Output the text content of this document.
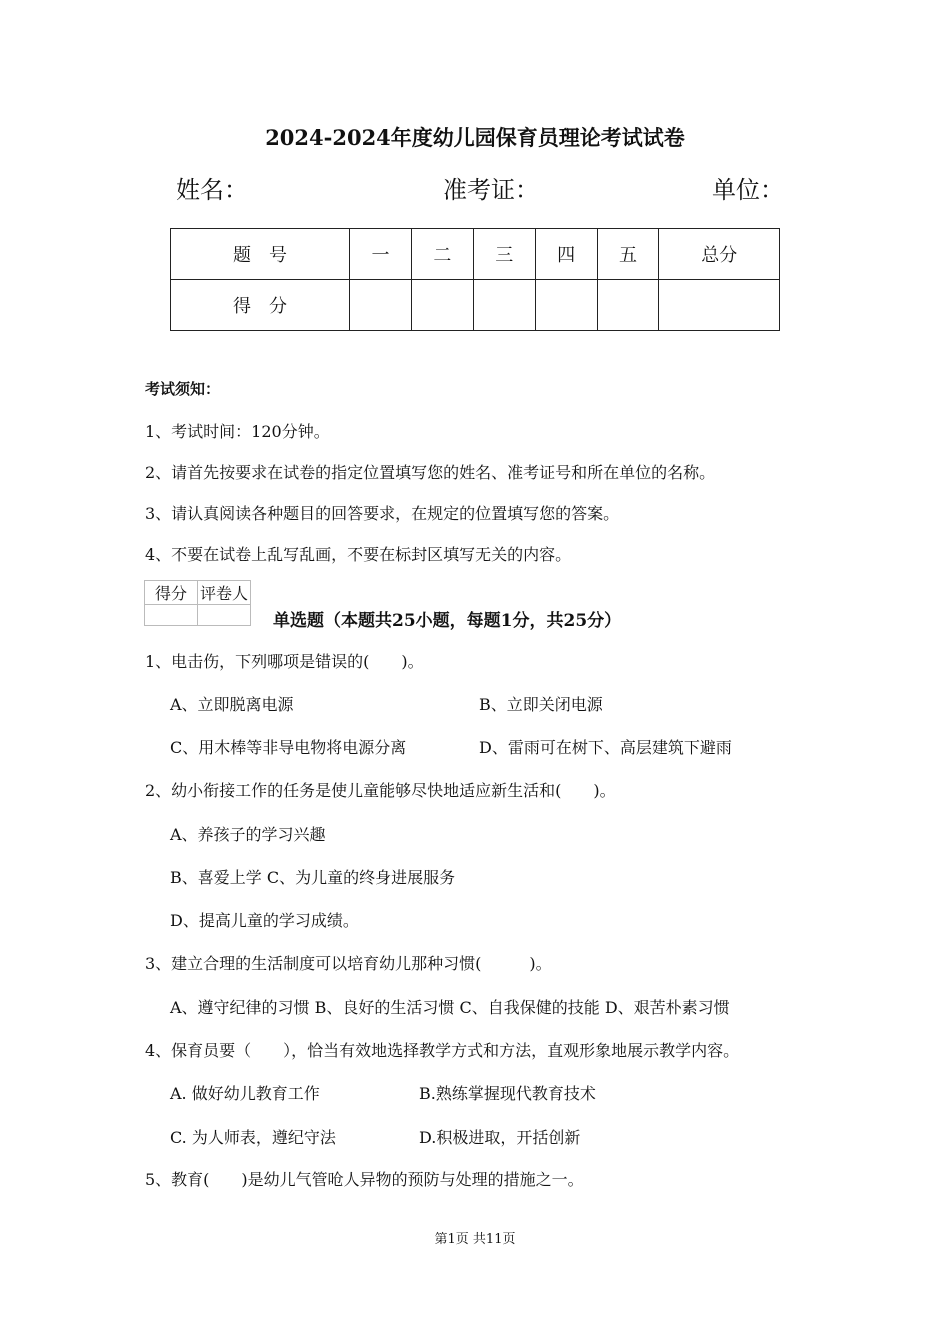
2024-2024年度幼儿园保育员理论考试试卷
姓名：	准考证：	单位：
题　号	一	二	三	四	五	总分
得　分						
考试须知：
1、考试时间：120分钟。
2、请首先按要求在试卷的指定位置填写您的姓名、准考证号和所在单位的名称。
3、请认真阅读各种题目的回答要求，在规定的位置填写您的答案。
4、不要在试卷上乱写乱画，不要在标封区填写无关的内容。
得分	评卷人

单选题（本题共25小题，每题1分，共25分）
1、电击伤，下列哪项是错误的(　　)。
A、立即脱离电源	B、立即关闭电源
C、用木棒等非导电物将电源分离	D、雷雨可在树下、高层建筑下避雨
2、幼小衔接工作的任务是使儿童能够尽快地适应新生活和(　　)。
A、养孩子的学习兴趣
B、喜爱上学 C、为儿童的终身进展服务
D、提高儿童的学习成绩。
3、建立合理的生活制度可以培育幼儿那种习惯(　　　)。
A、遵守纪律的习惯 B、良好的生活习惯 C、自我保健的技能 D、艰苦朴素习惯
4、保育员要（　　），恰当有效地选择教学方式和方法，直观形象地展示教学内容。
A. 做好幼儿教育工作	B.熟练掌握现代教育技术
C. 为人师表，遵纪守法	D.积极进取，开括创新
5、教育(　　)是幼儿气管呛人异物的预防与处理的措施之一。
第1页 共11页
